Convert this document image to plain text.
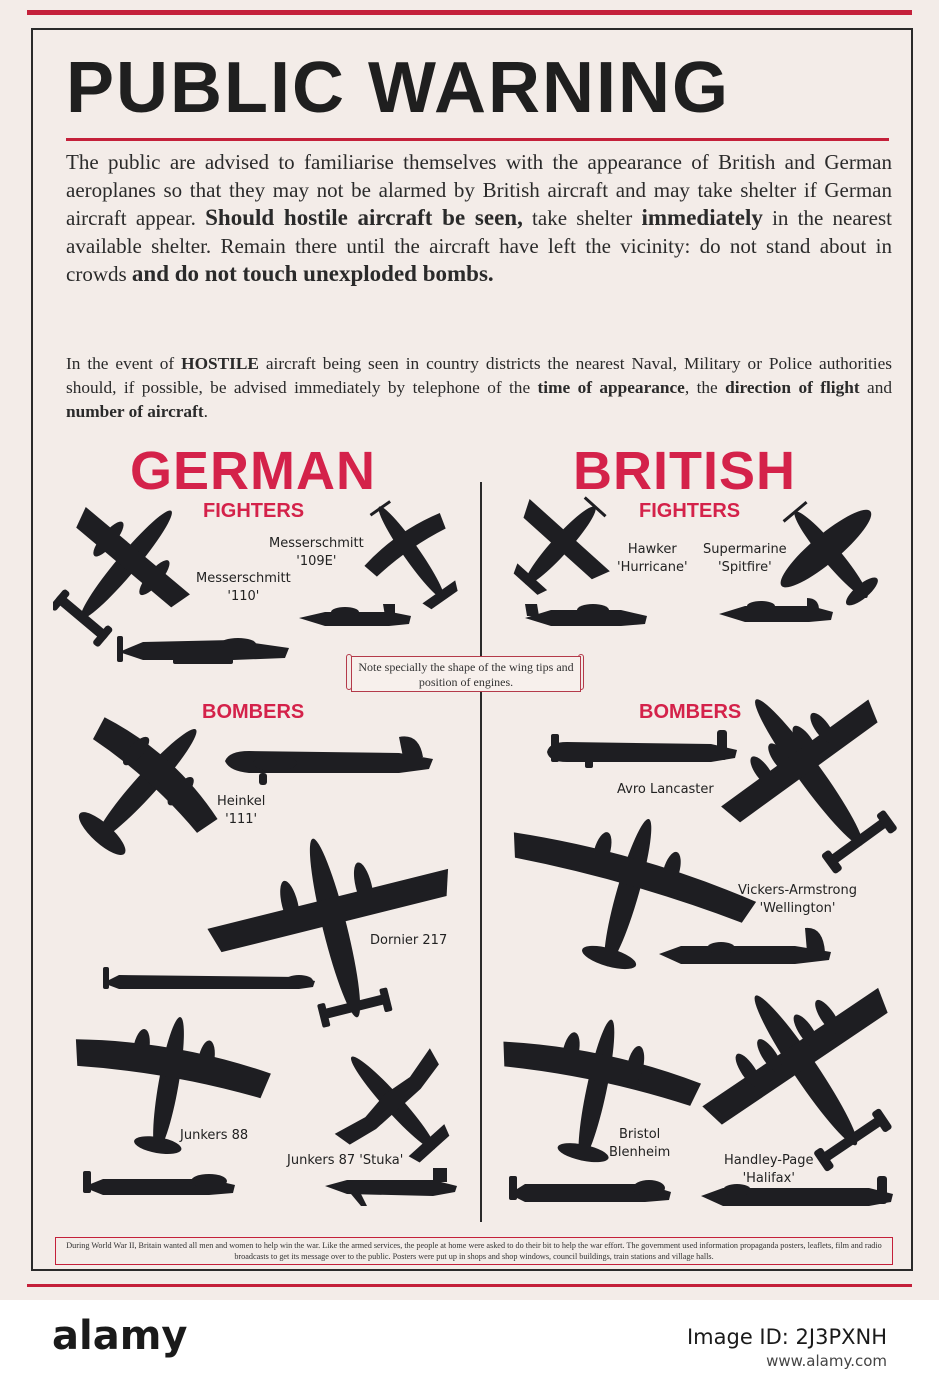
PUBLIC WARNING
The public are advised to familiarise themselves with the appearance of British and German aeroplanes so that they may not be alarmed by British aircraft and may take shelter if German aircraft appear. Should hostile aircraft be seen, take shelter immediately in the nearest available shelter. Remain there until the aircraft have left the vicinity: do not stand about in crowds and do not touch unexploded bombs.
In the event of HOSTILE aircraft being seen in country districts the nearest Naval, Military or Police authorities should, if possible, be advised immediately by telephone of the time of appearance, the direction of flight and number of aircraft.
GERMAN	BRITISH
FIGHTERS	FIGHTERS
BOMBERS	BOMBERS
Note specially the shape of the wing tips and position of engines.
Messerschmitt
'109E'
Messerschmitt
'110'
Heinkel
'111'
Dornier 217
Junkers 88
Junkers 87 'Stuka'
Hawker
'Hurricane'
Supermarine
'Spitfire'
Avro Lancaster
Vickers-Armstrong
'Wellington'
Bristol
Blenheim
Handley-Page
'Halifax'
During World War II, Britain wanted all men and women to help win the war. Like the armed services, the people at home were asked to do their bit to help the war effort. The government used information propaganda posters, leaflets, film and radio broadcasts to get its message over to the public. Posters were put up in shops and shop windows, council buildings, train stations and village halls.
alamy	Image ID: 2J3PXNH
www.alamy.com
